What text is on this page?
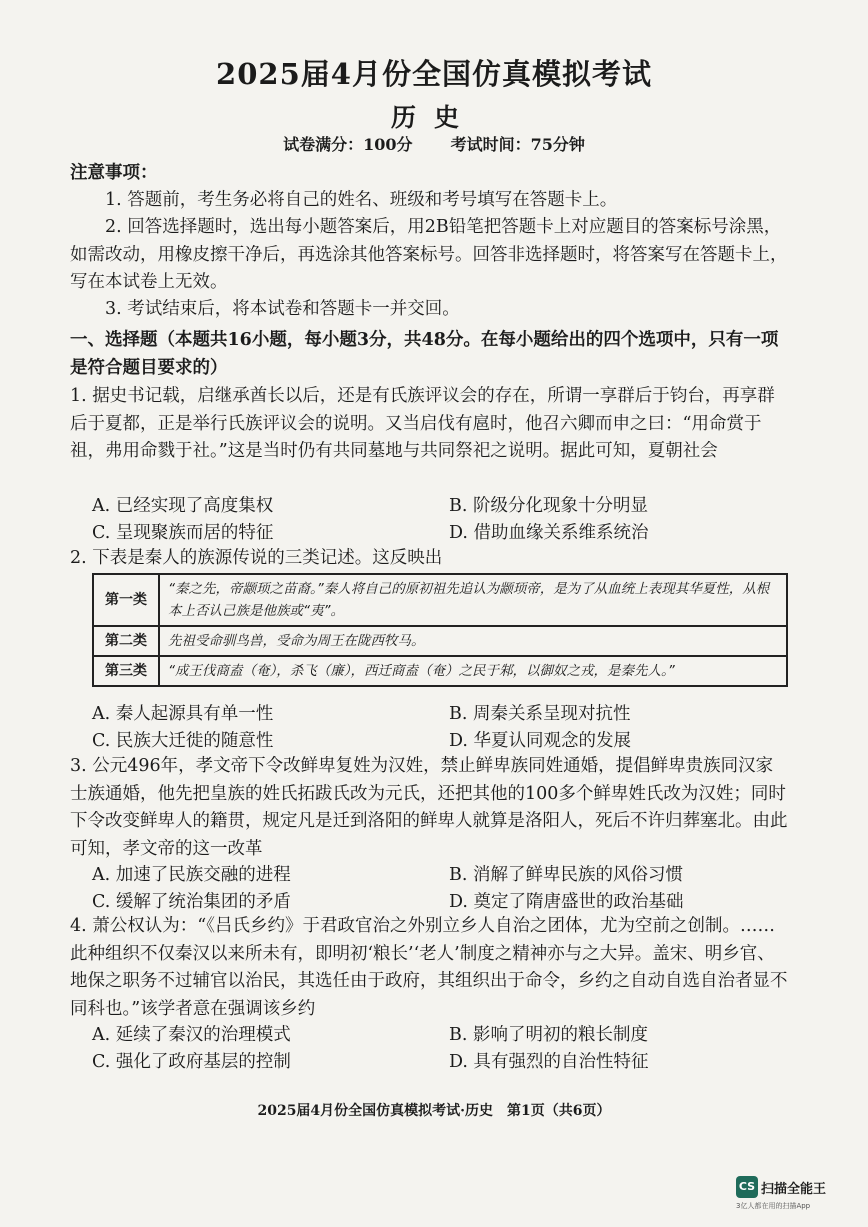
2025届4月份全国仿真模拟考试
历史
试卷满分：100分 考试时间：75分钟
注意事项：
1. 答题前，考生务必将自己的姓名、班级和考号填写在答题卡上。
2. 回答选择题时，选出每小题答案后，用2B铅笔把答题卡上对应题目的答案标号涂黑，如需改动，用橡皮擦干净后，再选涂其他答案标号。回答非选择题时，将答案写在答题卡上，写在本试卷上无效。
3. 考试结束后，将本试卷和答题卡一并交回。
一、选择题（本题共16小题，每小题3分，共48分。在每小题给出的四个选项中，只有一项是符合题目要求的）
1. 据史书记载，启继承酋长以后，还是有氏族评议会的存在，所谓一享群后于钧台，再享群后于夏都，正是举行氏族评议会的说明。又当启伐有扈时，他召六卿而申之曰：“用命赏于祖，弗用命戮于社。”这是当时仍有共同墓地与共同祭祀之说明。据此可知，夏朝社会
A. 已经实现了高度集权	B. 阶级分化现象十分明显
C. 呈现聚族而居的特征	D. 借助血缘关系维系统治
2. 下表是秦人的族源传说的三类记述。这反映出
第一类	“秦之先，帝颛顼之苗裔。”秦人将自己的原初祖先追认为颛顼帝，是为了从血统上表现其华夏性，从根本上否认己族是他族或“夷”。
第二类	先祖受命驯鸟兽，受命为周王在陇西牧马。
第三类	“成王伐商盍（奄），杀飞（廉），西迁商盍（奄）之民于邾，以御奴之戎，是秦先人。”
A. 秦人起源具有单一性	B. 周秦关系呈现对抗性
C. 民族大迁徙的随意性	D. 华夏认同观念的发展
3. 公元496年，孝文帝下令改鲜卑复姓为汉姓，禁止鲜卑族同姓通婚，提倡鲜卑贵族同汉家士族通婚，他先把皇族的姓氏拓跋氏改为元氏，还把其他的100多个鲜卑姓氏改为汉姓；同时下令改变鲜卑人的籍贯，规定凡是迁到洛阳的鲜卑人就算是洛阳人，死后不许归葬塞北。由此可知，孝文帝的这一改革
A. 加速了民族交融的进程	B. 消解了鲜卑民族的风俗习惯
C. 缓解了统治集团的矛盾	D. 奠定了隋唐盛世的政治基础
4. 萧公权认为：“《吕氏乡约》于君政官治之外别立乡人自治之团体，尤为空前之创制。……此种组织不仅秦汉以来所未有，即明初‘粮长’‘老人’制度之精神亦与之大异。盖宋、明乡官、地保之职务不过辅官以治民，其选任由于政府，其组织出于命令，乡约之自动自选自治者显不同科也。”该学者意在强调该乡约
A. 延续了秦汉的治理模式	B. 影响了明初的粮长制度
C. 强化了政府基层的控制	D. 具有强烈的自治性特征
2025届4月份全国仿真模拟考试·历史　第1页（共6页）
CS 扫描全能王
3亿人都在用的扫描App
